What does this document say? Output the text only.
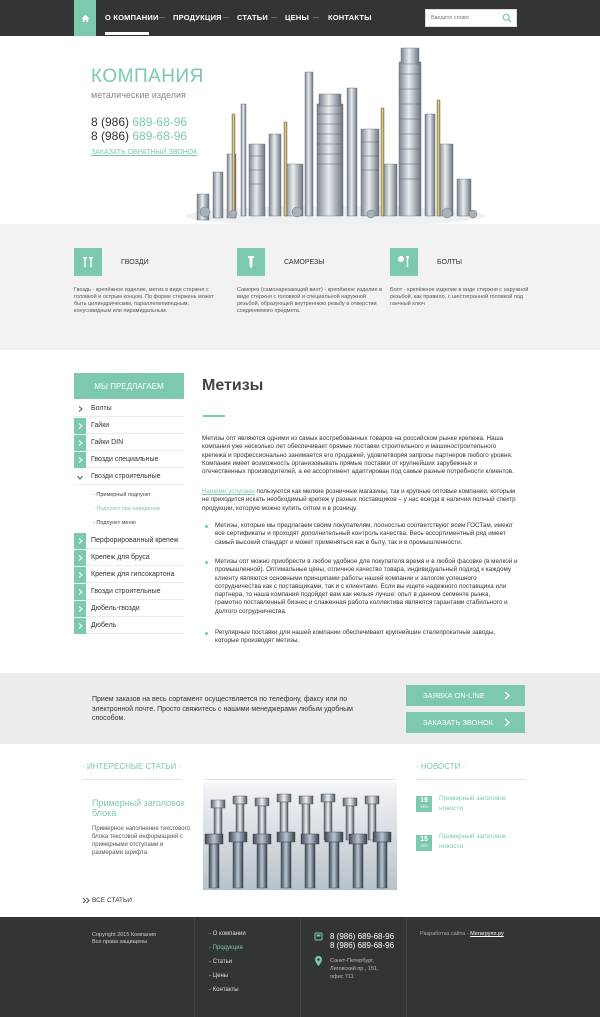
О КОМПАНИИ ПРОДУКЦИЯ СТАТЬИ ЦЕНЫ	КОНТАКТЫ
Введите слово
КОМПАНИЯ
металические изделия
8 (986) 689-68-96
8 (986) 689-68-96
ЗАКАЗАТЬ ОБРАТНЫЙ ЗВОНОК
ГВОЗДИ
Гвоздь - крепёжное изделие, метиз в виде стержня с головкой и острым концом. По форме стержень может быть цилиндрическим, параллелепипедным, конусовидным или пирамидальным.
САМОРЕЗЫ
Саморез (самонарезающий винт) - крепёжное изделие в виде стержня с головкой и специальной наружной резьбой, образующей внутреннюю резьбу в отверстии соединяемого предмета.
БОЛТЫ
Болт - крепёжное изделие в виде стержня с наружной резьбой, как правило, с шестигранной головкой под гаечный ключ
МЫ ПРЕДЛАГАЕМ
Болты
Гайки
Гайки DIN
Гвозди специальные
Гвозди строительные
- Примерный подпункт
- Подпункт при наведении
- Подпункт меню
Перфорированный крепеж
Крепеж для бруса
Крепеж для гипсокартона
Гвозди строительные
Дюбель-гвозди
Дюбель
Метизы
Метизы опт являются одними из самых востребованных товаров на российском рынке крепежа. Наша компания уже несколько лет обеспечивает прямые поставки строительного и машиностроительного крепежа и профессионально занимается его продажей, удовлетворяя запросы партнеров любого уровня. Компания имеет возможность организовывать прямые поставки от крупнейших зарубежных и отечественных производителей, а ее ассортимент адаптирован под самые разные потребности клиентов.
Нашими услугами пользуются как мелкие розничные магазины, так и крупные оптовые компании, которым не приходится искать необходимый крепеж у разных поставщиков – у нас всегда в наличии полный спектр продукции, которую можно купить оптом и в розницу.
Метизы, которые мы предлагаем своим покупателям, полностью соответствуют всем ГОСТам, имеют все сертификаты и проходят дополнительный контроль качества. Весь ассортиментный ряд имеет самый высокий стандарт и может применяться как в быту, так и в промышленности.
Метизы опт можно приобрести в любое удобное для покупателя время и в любой фасовке (в мелкой и промышленной). Оптимальные цены, отличное качество товара, индивидуальный подход к каждому клиенту являются основными принципами работы нашей компании и залогом успешного сотрудничества как с поставщиками, так и с клиентами. Если вы ищете надежного поставщика или партнера, то наша компания подойдет вам как нельзя лучше: опыт в данном сегменте рынка, грамотно поставленный бизнес и слаженная работа коллектива являются гарантами стабильного и долгого сотрудничества.
Регулярные поставки для нашей компании обеспечивают крупнейшие сталепрокатные заводы, которые производят метизы.
Прием заказов на весь сортамент осуществляется по телефону, факсу или по электронной почте. Просто свяжитесь с нашими менеджерами любым удобным способом.
ЗАЯВКА ON-LINE
ЗАКАЗАТЬ ЗВОНОК
· ИНТЕРЕСНЫЕ СТАТЬИ ·
Примерный заголовок блока
Примерное наполнение текстового блока текстовой информацией с примерными отступами и размерами шрифта.
ВСЕ СТАТЬИ
· НОВОСТИ ·
19
ФЕВ
Примерный заголовок новости
15
ФЕВ
Примерный заголовок новости
Copyright 2015 Компания
Все права защищены
- О компании
- Продукция
- Статьи
- Цены
- Контакты
8 (986) 689-68-96
8 (986) 689-68-96
Санкт-Петербург,
Лиговский пр., 151,
офис 711
Разработка сайта - Мегагрупп.ру
